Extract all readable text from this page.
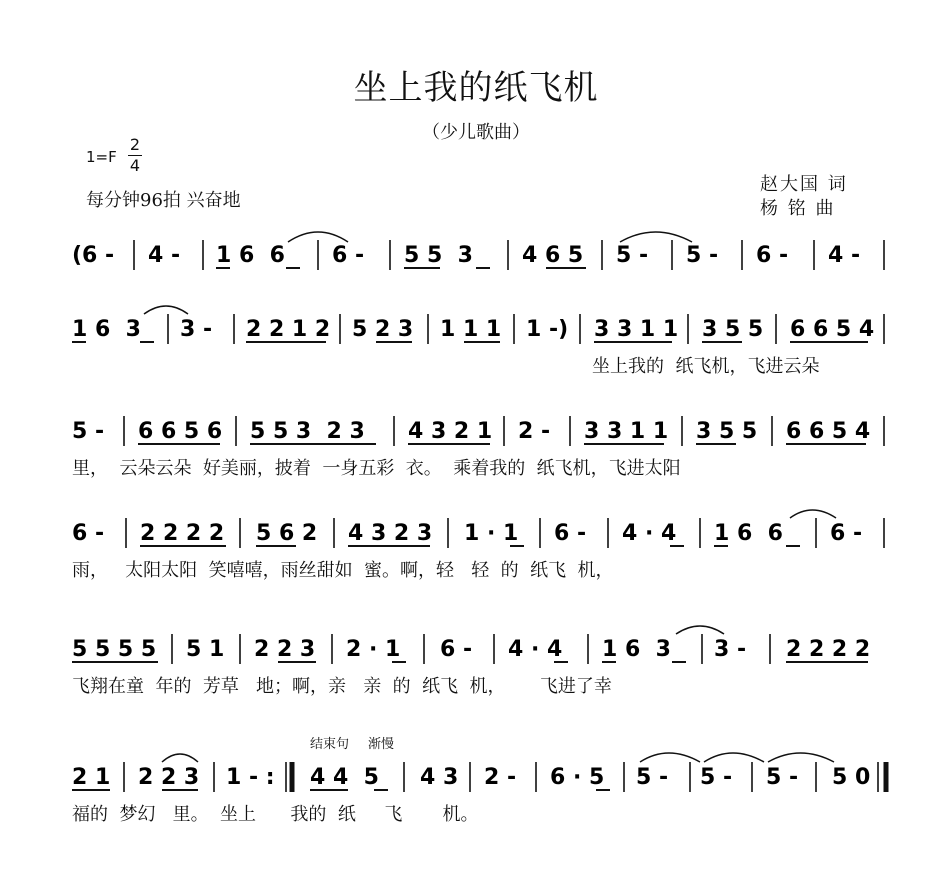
坐上我的纸飞机
（少儿歌曲）
1=F
2
4
每分钟96拍 兴奋地
赵大国 词
杨 铭 曲
(6 - 4 - 1 6  6 6 - 5 5  3 4 6 5 5 - 5 - 6 - 4 -
1 6  3 3 - 2 2 1 2 5 2 3 1 1 1 1 -) 3 3 1 1 3 5 5 6 6 5 4
坐上我的  纸飞机，飞进云朵
5 - 6 6 5 6 5 5 3  2 3 4 3 2 1 2 - 3 3 1 1 3 5 5 6 6 5 4
里，  云朵云朵  好美丽，披着  一身五彩  衣。  乘着我的  纸飞机，飞进太阳
6 - 2 2 2 2 5 6 2 4 3 2 3 1 · 1 6 - 4 · 4 1 6  6 6 -
雨，   太阳太阳  笑嘻嘻，雨丝甜如  蜜。啊，轻   轻  的  纸飞  机，
5 5 5 5 5 1 2 2 3 2 · 1 6 - 4 · 4 1 6  3 3 - 2 2 2 2
飞翔在童  年的  芳草   地；啊，亲   亲  的  纸飞  机，      飞进了幸
结束句 渐慢
2 1 2 2 3 1 - : 4 4  5 4 3 2 - 6 · 5 5 - 5 - 5 - 5 0
福的  梦幻   里。  坐上      我的  纸     飞       机。
